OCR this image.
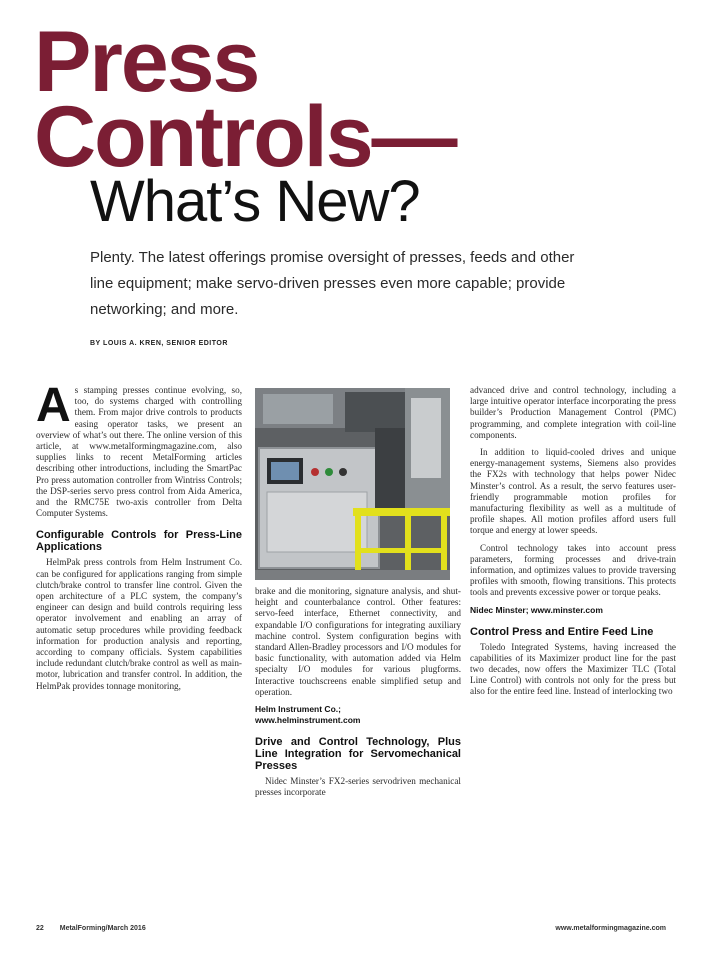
Press
Controls—
What’s New?
Plenty. The latest offerings promise oversight of presses, feeds and other line equipment; make servo-driven presses even more capable; provide networking; and more.
BY LOUIS A. KREN, SENIOR EDITOR

As stamping presses continue evolving, so, too, do systems charged with controlling them. From major drive controls to products easing operator tasks, we present an overview of what’s out there. The online version of this article, at www.metalformingmagazine.com, also supplies links to recent MetalForming articles describing other introductions, including the SmartPac Pro press automation controller from Wintriss Controls; the DSP-series servo press control from Aida America, and the RMC75E two-axis controller from Delta Computer Systems.

Configurable Controls for Press-Line Applications

HelmPak press controls from Helm Instrument Co. can be configured for applications ranging from simple clutch/brake control to transfer line control. Given the open architecture of a PLC system, the company’s engineer can design and build controls requiring less operator involvement and enabling an array of automatic setup procedures while providing feedback information for production analysis and reporting, according to company officials. System capabilities include redundant clutch/brake control as well as main-motor, lubrication and transfer control. In addition, the HelmPak provides tonnage monitoring,

brake and die monitoring, signature analysis, and shut-height and counterbalance control. Other features: servo-feed interface, Ethernet connectivity, and expandable I/O configurations for integrating auxiliary machine control. System configuration begins with standard Allen-Bradley processors and I/O modules for basic functionality, with automation added via Helm specialty I/O modules for various plugforms. Interactive touchscreens enable simplified setup and operation.

Helm Instrument Co.;
www.helminstrument.com
Drive and Control Technology, Plus Line Integration for Servomechanical Presses

Nidec Minster’s FX2-series servodriven mechanical presses incorporate

advanced drive and control technology, including a large intuitive operator interface incorporating the press builder’s Production Management Control (PMC) programming, and complete integration with coil-line components.

In addition to liquid-cooled drives and unique energy-management systems, Siemens also provides the FX2s with technology that helps power Nidec Minster’s control. As a result, the servo features user-friendly programmable motion profiles for manufacturing flexibility as well as a multitude of profile shapes. All motion profiles afford users full torque and energy at lower speeds.

Control technology takes into account press parameters, forming processes and drive-train information, and optimizes values to provide traversing profiles with smooth, flowing transitions. This protects tools and prevents excessive power or torque peaks.

Nidec Minster; www.minster.com
Control Press and Entire Feed Line

Toledo Integrated Systems, having increased the capabilities of its Maximizer product line for the past two decades, now offers the Maximizer TLC (Total Line Control) with controls not only for the press but also for the entire feed line. Instead of interlocking two

22 MetalForming/March 2016	www.metalformingmagazine.com
